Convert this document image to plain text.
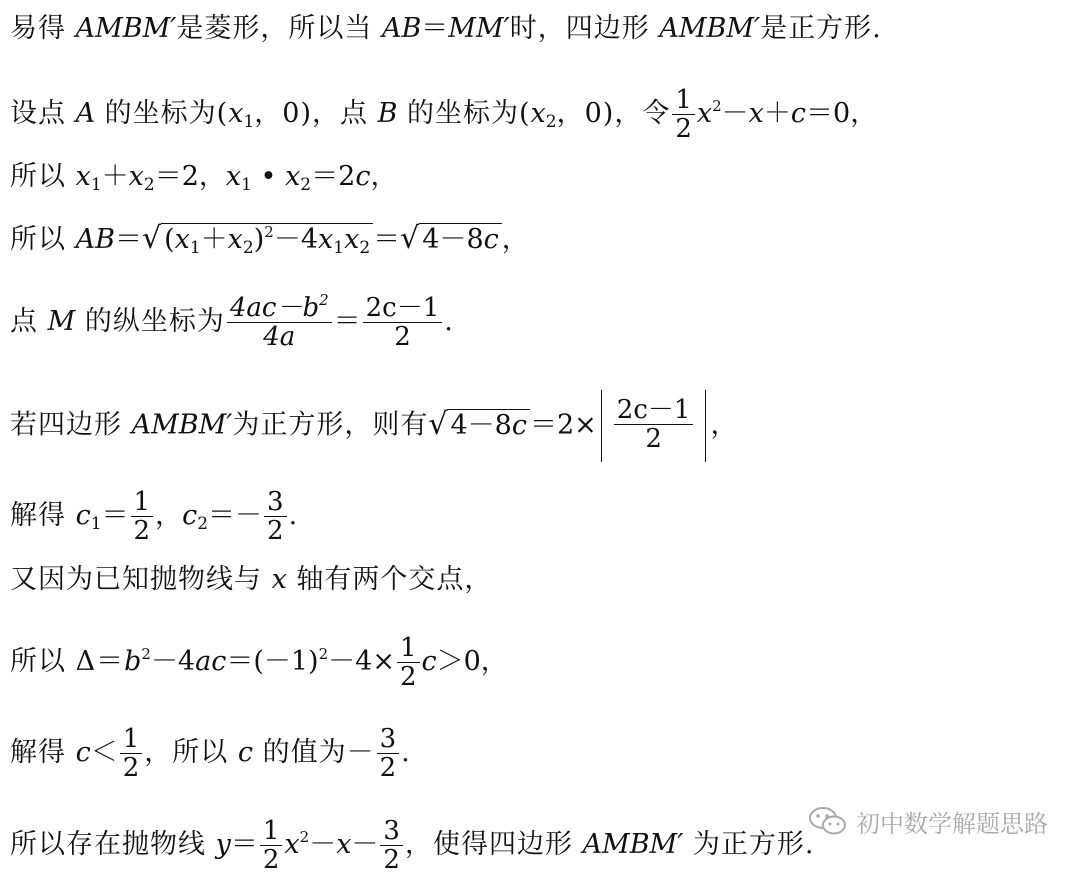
易得 AMBM′是菱形，所以当 AB＝MM′时，四边形 AMBM′是正方形.
设点 A 的坐标为($x_1$，0)，点 B 的坐标为($x_2$，0)，令 $\frac{1}{2} x^2-x+c=0$，
所以 $x_1+x_2=2$，$x_1$ • $x_2=2c$，
所以 AB＝√ $(x_1+x_2)^2-4x_1x_2$ ＝√ 4－8c ，
点 M 的纵坐标为 $\frac{4ac-b^2}{4a} = \frac{2c-1}{2}$ .
若四边形 AMBM′为正方形，则有√ $4-8c =2\times \frac{2c-1}{2}$ ，
解得 $c_1= \frac{1}{2}$ ，$c_2=- \frac{3}{2}$ .
又因为已知抛物线与 x 轴有两个交点，
所以 $\Delta=b^2-4ac=(-1)^2-4\times \frac{1}{2} c>0$，
解得 $c< \frac{1}{2}$ ，所以 c 的值为－ $\frac{3}{2}$ .
所以存在抛物线 $y= \frac{1}{2} x^2-x- \frac{3}{2}$ ，使得四边形 AMBM′ 为正方形.
初中数学解题思路
